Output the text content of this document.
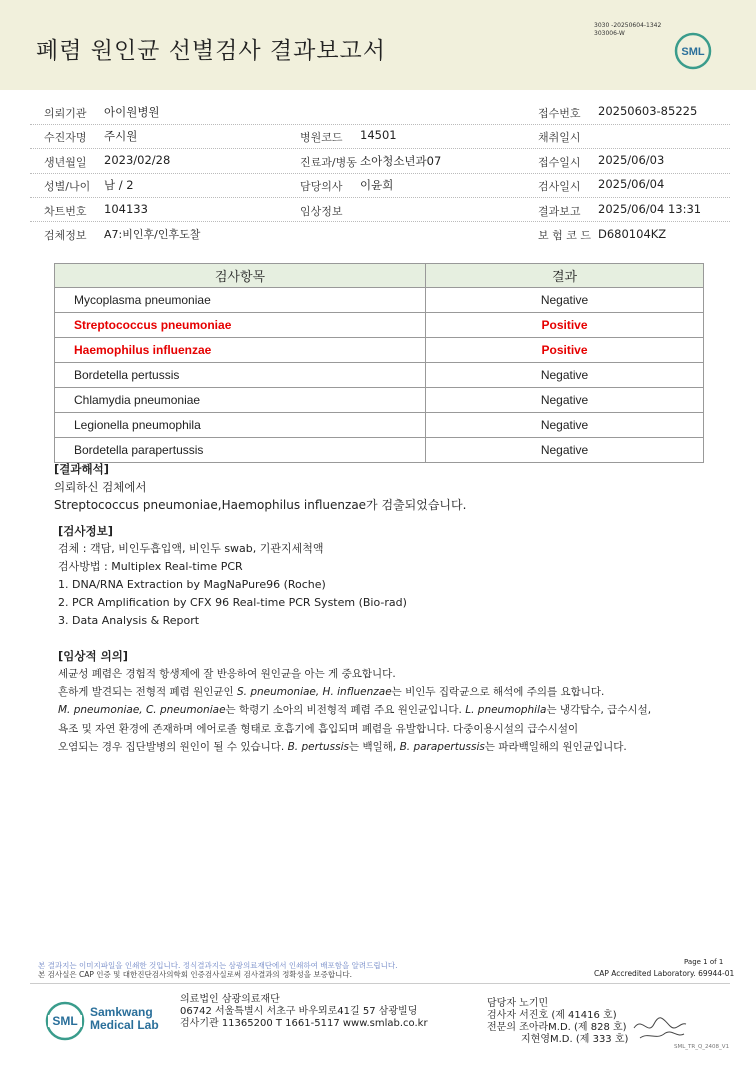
폐렴 원인균 선별검사 결과보고서
3030 -20250604-1342
303006-W
SML
의뢰기관 아이원병원	접수번호 20250603-85225
수진자명 주시원	병원코드 14501	채취일시
생년월일 2023/02/28	진료과/병동 소아청소년과07	접수일시 2025/06/03
성별/나이 남 / 2	담당의사 이윤희	검사일시 2025/06/04
차트번호 104133	임상정보	결과보고 2025/06/04 13:31
검체정보 A7:비인후/인후도찰	보 험 코 드 D680104KZ
검사항목	결과
Mycoplasma pneumoniae	Negative
Streptococcus pneumoniae	Positive
Haemophilus influenzae	Positive
Bordetella pertussis	Negative
Chlamydia pneumoniae	Negative
Legionella pneumophila	Negative
Bordetella parapertussis	Negative
[결과해석]
의뢰하신 검체에서
Streptococcus pneumoniae,Haemophilus influenzae가 검출되었습니다.
[검사정보]
검체 : 객담, 비인두흡입액, 비인두 swab, 기관지세척액
검사방법 : Multiplex Real-time PCR
1. DNA/RNA Extraction by MagNaPure96 (Roche)
2. PCR Amplification by CFX 96 Real-time PCR System (Bio-rad)
3. Data Analysis & Report
[임상적 의의]
세균성 폐렴은 경험적 항생제에 잘 반응하여 원인균을 아는 게 중요합니다.
흔하게 발견되는 전형적 폐렴 원인균인 S. pneumoniae, H. influenzae는 비인두 집락균으로 해석에 주의를 요합니다.
M. pneumoniae, C. pneumoniae는 학령기 소아의 비전형적 폐렴 주요 원인균입니다. L. pneumophila는 냉각탑수, 급수시설,
욕조 및 자연 환경에 존재하며 에어로졸 형태로 호흡기에 흡입되며 폐렴을 유발합니다. 다중이용시설의 급수시설이
오염되는 경우 집단발병의 원인이 될 수 있습니다. B. pertussis는 백일해, B. parapertussis는 파라백일해의 원인균입니다.
본 결과지는 이미지파일을 인쇄한 것입니다. 정식결과지는 삼광의료재단에서 인쇄하여 배포함을 알려드립니다.
본 검사실은 CAP 인증 및 대한진단검사의학회 인증검사실로써 검사결과의 정확성을 보증합니다.
Page 1 of 1
CAP Accredited Laboratory. 69944-01
SML
Samkwang
Medical Lab
의료법인 삼광의료재단
06742 서울특별시 서초구 바우뫼로41길 57 삼광빌딩
검사기관 11365200 T 1661-5117 www.smlab.co.kr
담당자 노기민
검사자 서진호 (제 41416 호)
전문의 조아라M.D. (제 828 호)
지현영M.D. (제 333 호)
SML_TR_Q_2408_V1
